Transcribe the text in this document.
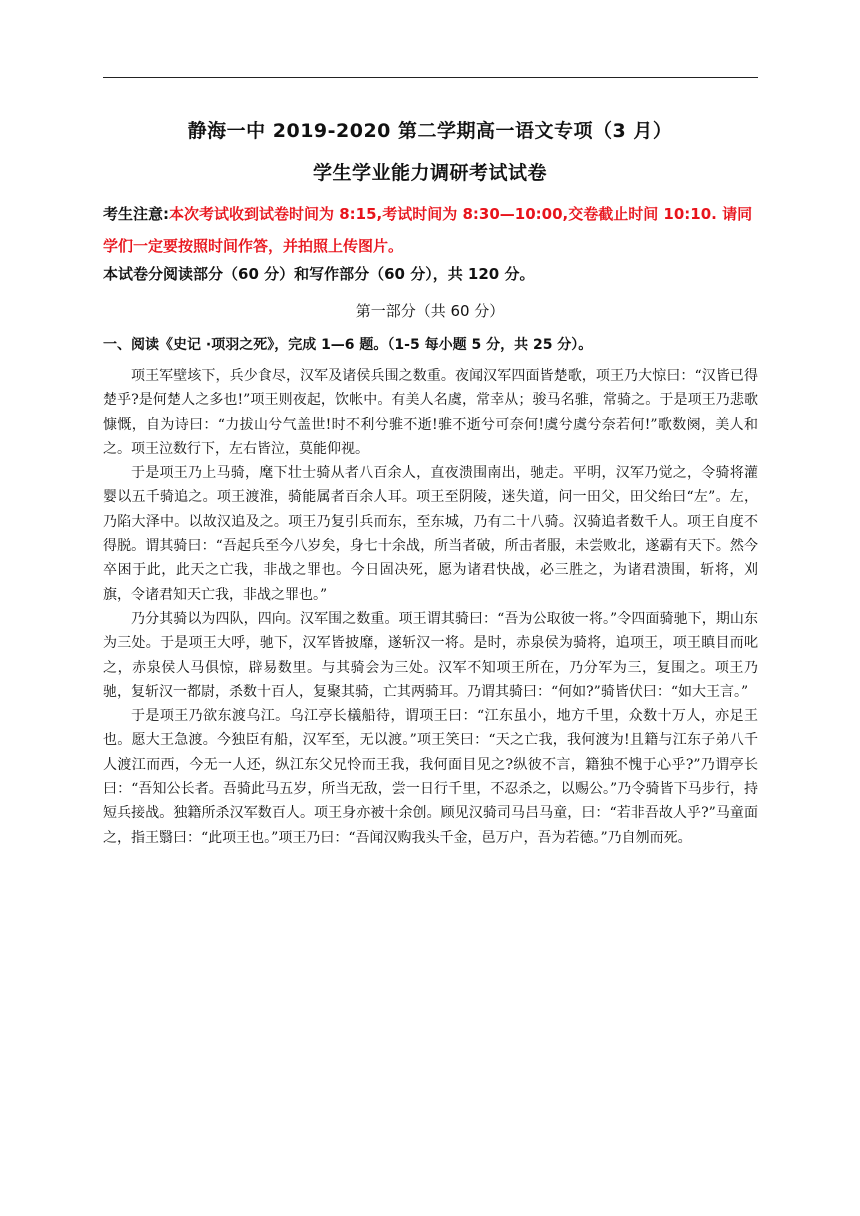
静海一中 2019-2020 第二学期高一语文专项（3 月）
学生学业能力调研考试试卷
考生注意:本次考试收到试卷时间为 8:15,考试时间为 8:30—10:00,交卷截止时间 10:10. 请同学们一定要按照时间作答，并拍照上传图片。
本试卷分阅读部分（60 分）和写作部分（60 分），共 120 分。
第一部分（共 60 分）
一、阅读《史记 ·项羽之死》，完成 1—6 题。（1-5 每小题 5 分，共 25 分）。

项王军壁垓下，兵少食尽，汉军及诸侯兵围之数重。夜闻汉军四面皆楚歌，项王乃大惊曰：“汉皆已得楚乎?是何楚人之多也!”项王则夜起，饮帐中。有美人名虞，常幸从；骏马名骓，常骑之。于是项王乃悲歌慷慨，自为诗曰：“力拔山兮气盖世!时不利兮骓不逝!骓不逝兮可奈何!虞兮虞兮奈若何!”歌数阕，美人和之。项王泣数行下，左右皆泣，莫能仰视。

于是项王乃上马骑，麾下壮士骑从者八百余人，直夜溃围南出，驰走。平明，汉军乃觉之，令骑将灌婴以五千骑追之。项王渡淮，骑能属者百余人耳。项王至阴陵，迷失道，问一田父，田父绐曰“左”。左，乃陷大泽中。以故汉追及之。项王乃复引兵而东，至东城，乃有二十八骑。汉骑追者数千人。项王自度不得脱。谓其骑曰：“吾起兵至今八岁矣，身七十余战，所当者破，所击者服，未尝败北，遂霸有天下。然今卒困于此，此天之亡我，非战之罪也。今日固决死，愿为诸君快战，必三胜之，为诸君溃围，斩将，刈旗，令诸君知天亡我，非战之罪也。”

乃分其骑以为四队，四向。汉军围之数重。项王谓其骑曰：“吾为公取彼一将。”令四面骑驰下，期山东为三处。于是项王大呼，驰下，汉军皆披靡，遂斩汉一将。是时，赤泉侯为骑将，追项王，项王瞋目而叱之，赤泉侯人马俱惊，辟易数里。与其骑会为三处。汉军不知项王所在，乃分军为三，复围之。项王乃驰，复斩汉一都尉，杀数十百人，复聚其骑，亡其两骑耳。乃谓其骑曰：“何如?”骑皆伏曰：“如大王言。”

于是项王乃欲东渡乌江。乌江亭长檥船待，谓项王曰：“江东虽小，地方千里，众数十万人，亦足王也。愿大王急渡。今独臣有船，汉军至，无以渡。”项王笑曰：“天之亡我，我何渡为!且籍与江东子弟八千人渡江而西，今无一人还，纵江东父兄怜而王我，我何面目见之?纵彼不言，籍独不愧于心乎?”乃谓亭长曰：“吾知公长者。吾骑此马五岁，所当无敌，尝一日行千里，不忍杀之，以赐公。”乃令骑皆下马步行，持短兵接战。独籍所杀汉军数百人。项王身亦被十余创。顾见汉骑司马吕马童，曰：“若非吾故人乎?”马童面之，指王翳曰：“此项王也。”项王乃曰：“吾闻汉购我头千金，邑万户，吾为若德。”乃自刎而死。
